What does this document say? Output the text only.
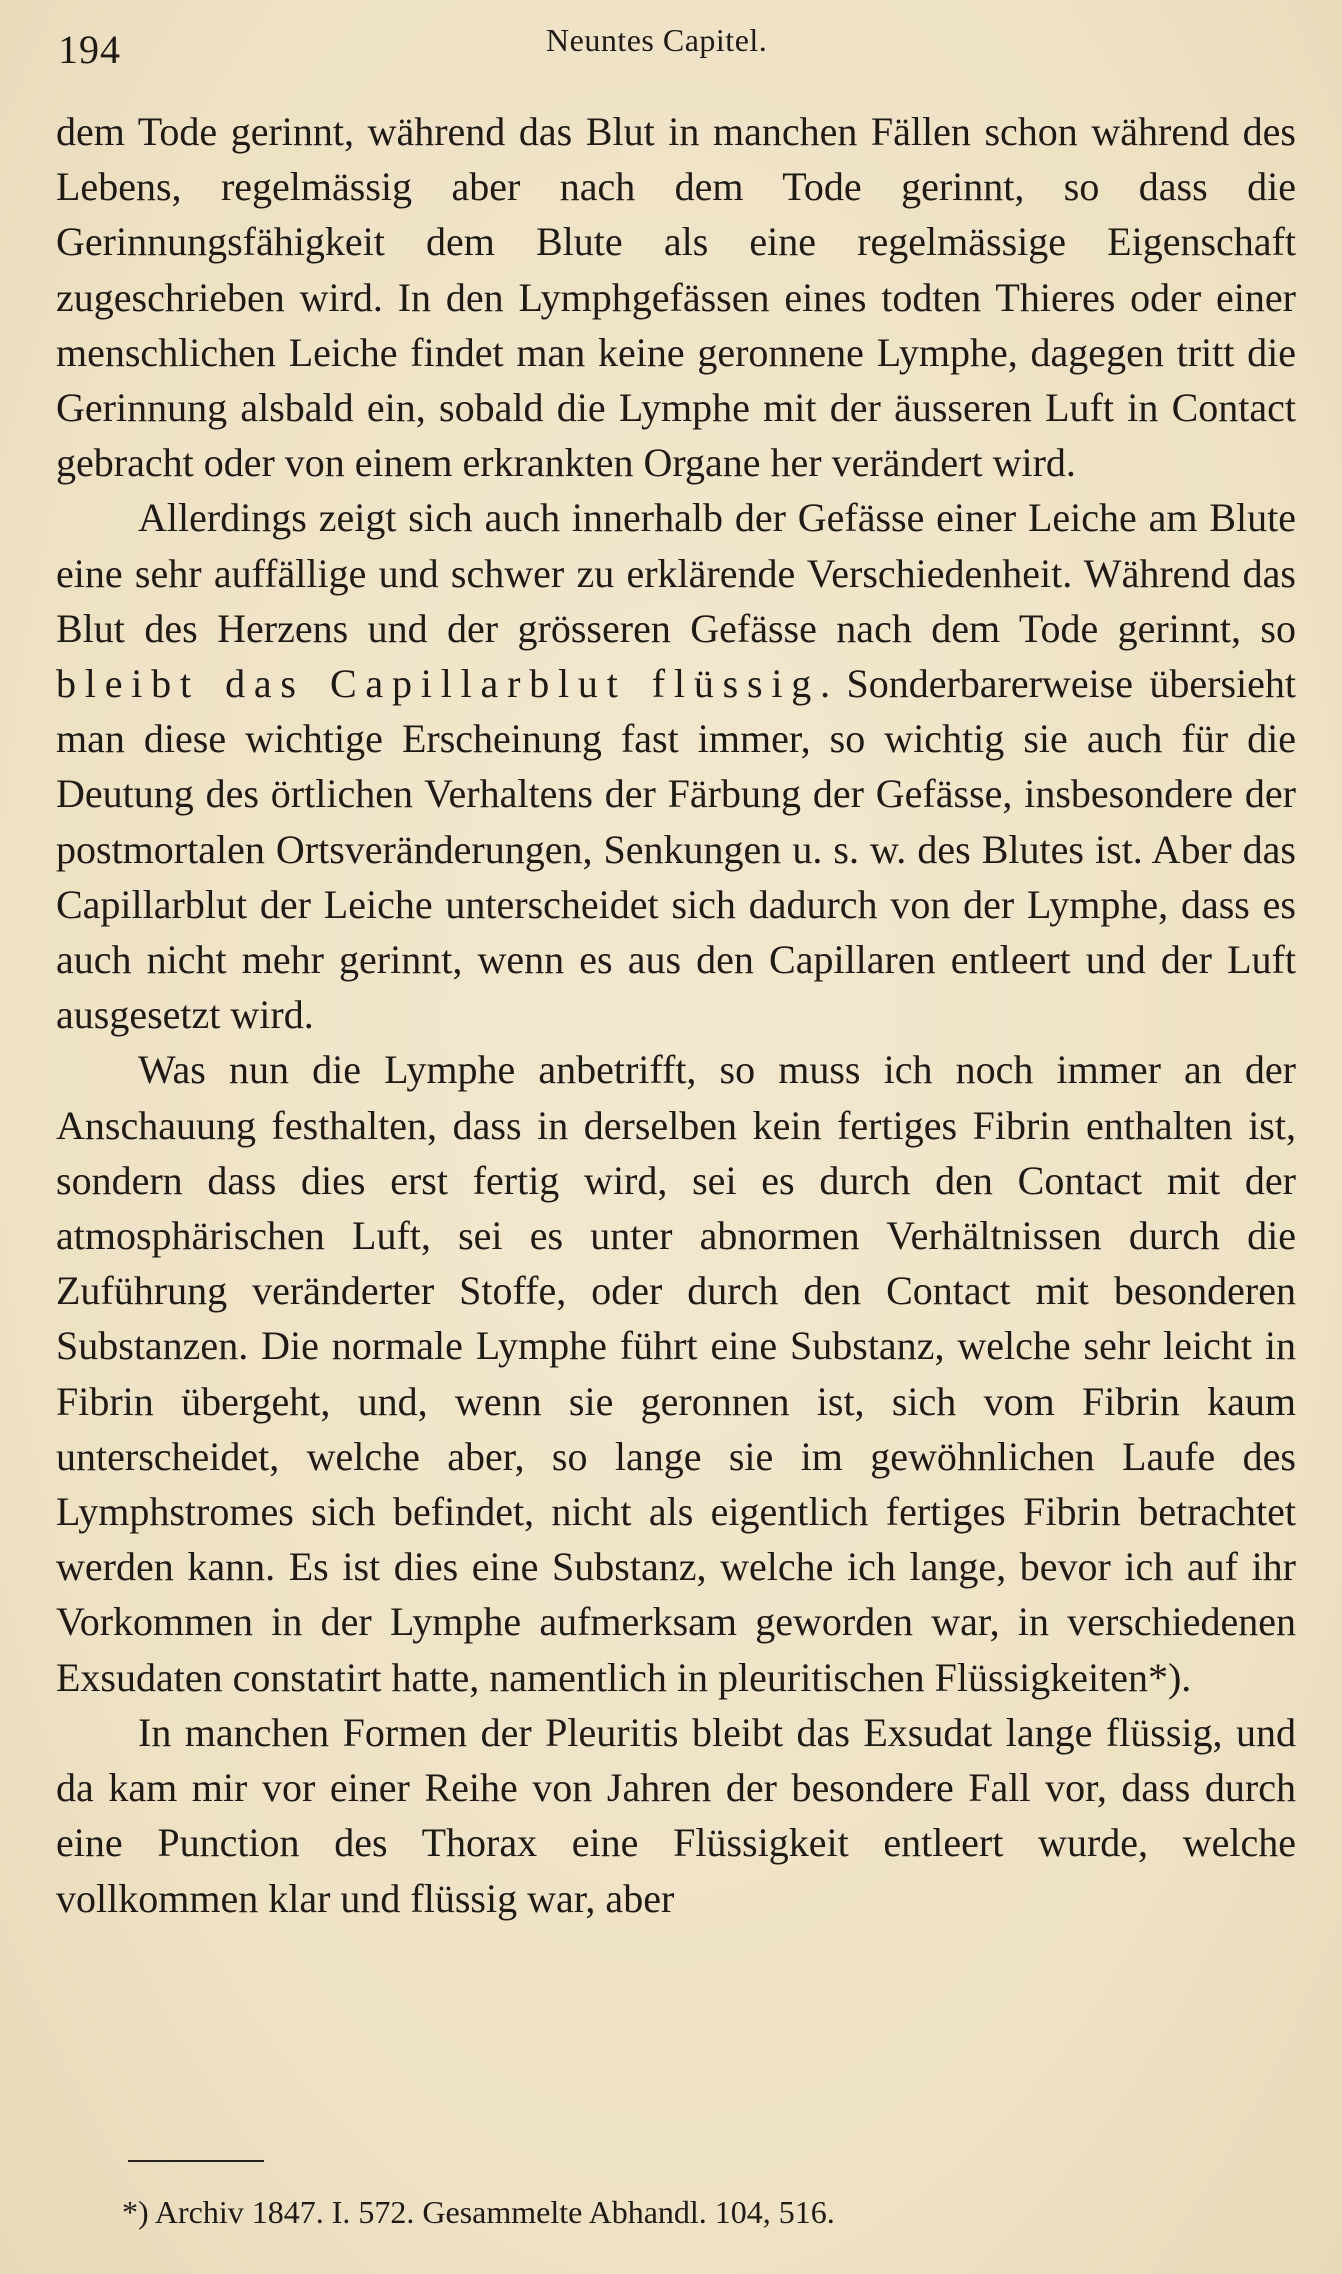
194	Neuntes Capitel.

dem Tode gerinnt, während das Blut in manchen Fällen schon während des Lebens, regelmässig aber nach dem Tode gerinnt, so dass die Gerinnungsfähigkeit dem Blute als eine regelmässige Eigenschaft zugeschrieben wird. In den Lymphgefässen eines todten Thieres oder einer menschlichen Leiche findet man keine geronnene Lymphe, dagegen tritt die Gerinnung alsbald ein, sobald die Lymphe mit der äusseren Luft in Contact gebracht oder von einem erkrankten Organe her verändert wird.

Allerdings zeigt sich auch innerhalb der Gefässe einer Leiche am Blute eine sehr auffällige und schwer zu erklärende Verschiedenheit. Während das Blut des Herzens und der grösseren Gefässe nach dem Tode gerinnt, so bleibt das Capillarblut flüssig. Sonderbarerweise übersieht man diese wichtige Erscheinung fast immer, so wichtig sie auch für die Deutung des örtlichen Verhaltens der Färbung der Gefässe, insbesondere der postmortalen Ortsveränderungen, Senkungen u. s. w. des Blutes ist. Aber das Capillarblut der Leiche unterscheidet sich dadurch von der Lymphe, dass es auch nicht mehr gerinnt, wenn es aus den Capillaren entleert und der Luft ausgesetzt wird.

Was nun die Lymphe anbetrifft, so muss ich noch immer an der Anschauung festhalten, dass in derselben kein fertiges Fibrin enthalten ist, sondern dass dies erst fertig wird, sei es durch den Contact mit der atmosphärischen Luft, sei es unter abnormen Verhältnissen durch die Zuführung veränderter Stoffe, oder durch den Contact mit besonderen Substanzen. Die normale Lymphe führt eine Substanz, welche sehr leicht in Fibrin übergeht, und, wenn sie geronnen ist, sich vom Fibrin kaum unterscheidet, welche aber, so lange sie im gewöhnlichen Laufe des Lymphstromes sich befindet, nicht als eigentlich fertiges Fibrin betrachtet werden kann. Es ist dies eine Substanz, welche ich lange, bevor ich auf ihr Vorkommen in der Lymphe aufmerksam geworden war, in verschiedenen Exsudaten constatirt hatte, namentlich in pleuritischen Flüssigkeiten*).

In manchen Formen der Pleuritis bleibt das Exsudat lange flüssig, und da kam mir vor einer Reihe von Jahren der besondere Fall vor, dass durch eine Punction des Thorax eine Flüssigkeit entleert wurde, welche vollkommen klar und flüssig war, aber

*) Archiv 1847. I. 572. Gesammelte Abhandl. 104, 516.
